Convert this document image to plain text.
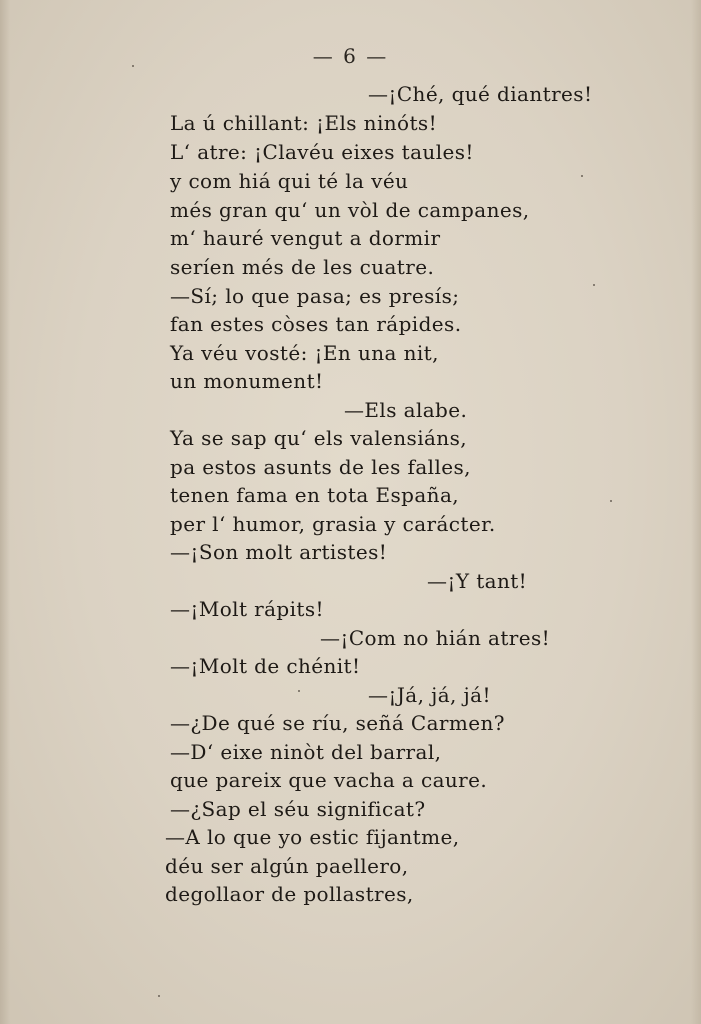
— 6 —
—¡Ché, qué diantres!
La ú chillant: ¡Els ninóts!
L‘ atre: ¡Clavéu eixes taules!
y com hiá qui té la véu
més gran qu‘ un vòl de campanes,
m‘ hauré vengut a dormir
seríen més de les cuatre.
—Sí; lo que pasa; es presís;
fan estes còses tan rápides.
Ya véu vosté: ¡En una nit,
un monument!
—Els alabe.
Ya se sap qu‘ els valensiáns,
pa estos asunts de les falles,
tenen fama en tota España,
per l‘ humor, grasia y carácter.
—¡Son molt artistes!
—¡Y tant!
—¡Molt rápits!
—¡Com no hián atres!
—¡Molt de chénit!
—¡Já, já, já!
—¿De qué se ríu, señá Carmen?
—D‘ eixe ninòt del barral,
que pareix que vacha a caure.
—¿Sap el séu significat?
—A lo que yo estic fijantme,
déu ser algún paellero,
degollaor de pollastres,
